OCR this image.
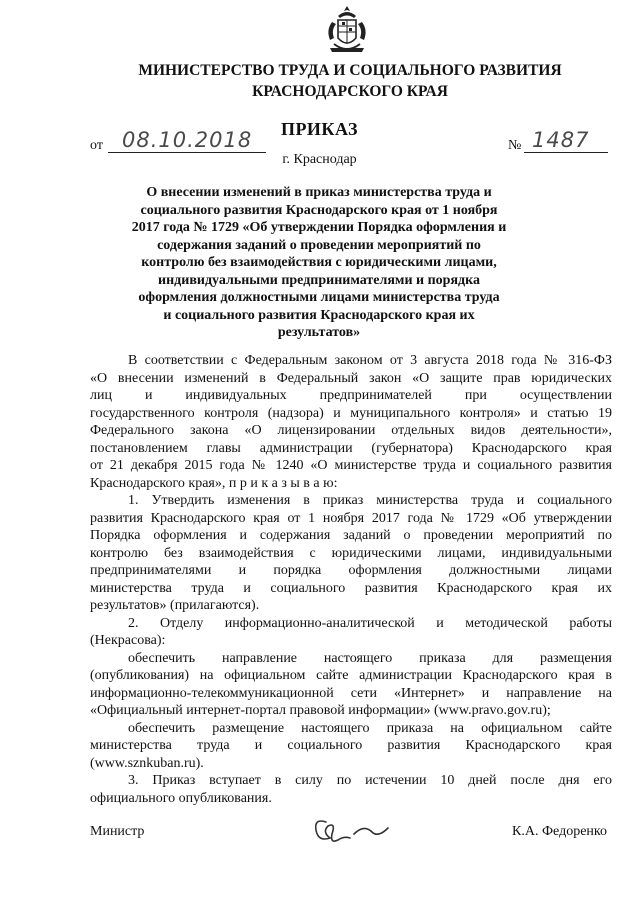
МИНИСТЕРСТВО ТРУДА И СОЦИАЛЬНОГО РАЗВИТИЯ
КРАСНОДАРСКОГО КРАЯ
ПРИКАЗ
от 08.10.2018	№ 1487
г. Краснодар
О внесении изменений в приказ министерства труда и
социального развития Краснодарского края от 1 ноября
2017 года № 1729 «Об утверждении Порядка оформления и
содержания заданий о проведении мероприятий по
контролю без взаимодействия с юридическими лицами,
индивидуальными предпринимателями и порядка
оформления должностными лицами министерства труда
и социального развития Краснодарского края их
результатов»
В соответствии с Федеральным законом от 3 августа 2018 года № 316-ФЗ
«О внесении изменений в Федеральный закон «О защите прав юридических
лиц и индивидуальных предпринимателей при осуществлении
государственного контроля (надзора) и муниципального контроля» и статью 19
Федерального закона «О лицензировании отдельных видов деятельности»,
постановлением главы администрации (губернатора) Краснодарского края
от 21 декабря 2015 года № 1240 «О министерстве труда и социального развития
Краснодарского края», п р и к а з ы в а ю:
1. Утвердить изменения в приказ министерства труда и социального
развития Краснодарского края от 1 ноября 2017 года № 1729 «Об утверждении
Порядка оформления и содержания заданий о проведении мероприятий по
контролю без взаимодействия с юридическими лицами, индивидуальными
предпринимателями и порядка оформления должностными лицами
министерства труда и социального развития Краснодарского края их
результатов» (прилагаются).
2. Отделу информационно-аналитической и методической работы
(Некрасова):
обеспечить направление настоящего приказа для размещения
(опубликования) на официальном сайте администрации Краснодарского края в
информационно-телекоммуникационной сети «Интернет» и направление на
«Официальный интернет-портал правовой информации» (www.pravo.gov.ru);
обеспечить размещение настоящего приказа на официальном сайте
министерства труда и социального развития Краснодарского края
(www.sznkuban.ru).
3. Приказ вступает в силу по истечении 10 дней после дня его
официального опубликования.
Министр	К.А. Федоренко
